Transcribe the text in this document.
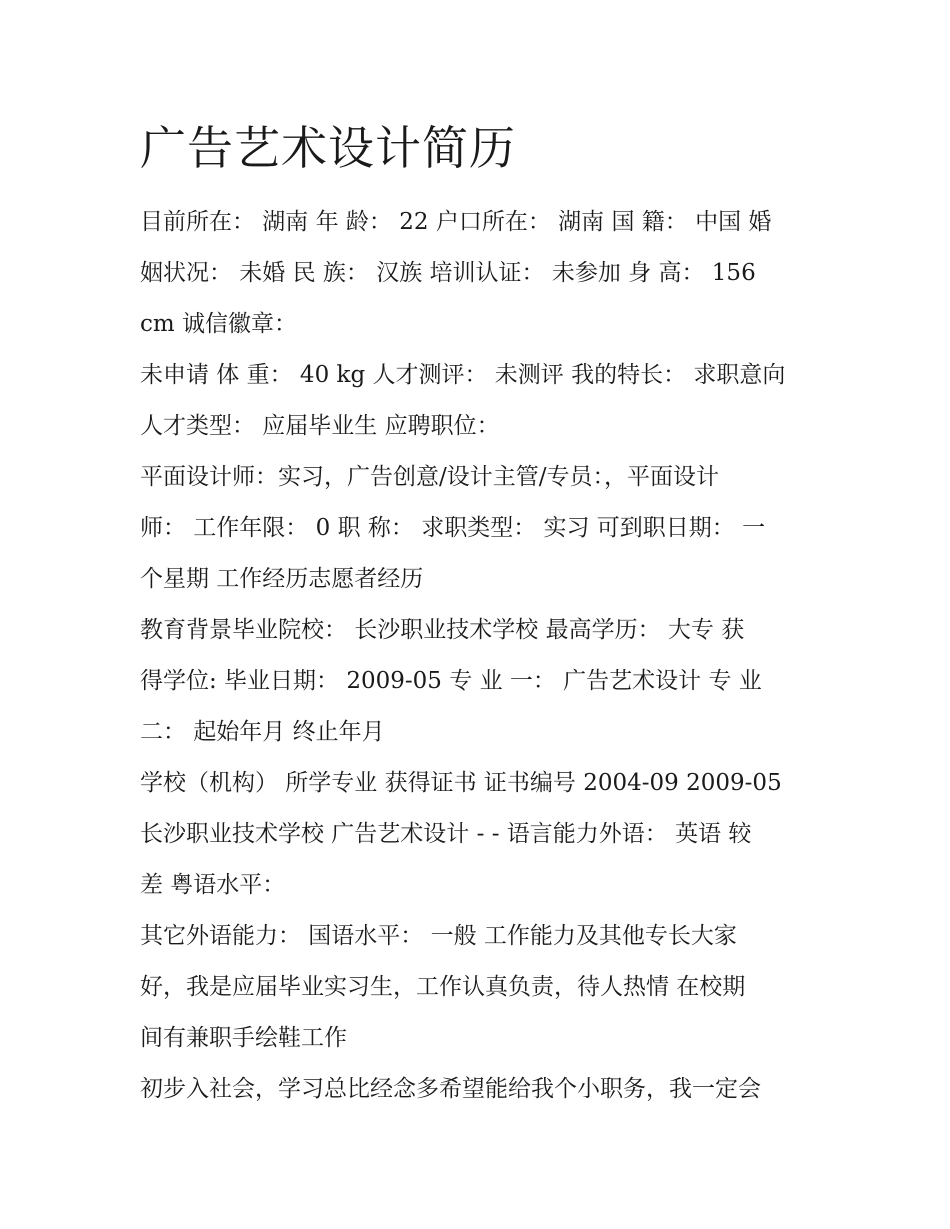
广告艺术设计简历
目前所在： 湖南 年 龄： 22 户口所在： 湖南 国 籍： 中国 婚
姻状况： 未婚 民 族： 汉族 培训认证： 未参加 身 高： 156
cm 诚信徽章：
未申请 体 重： 40 kg 人才测评： 未测评 我的特长： 求职意向
人才类型： 应届毕业生 应聘职位：
平面设计师：实习，广告创意/设计主管/专员：，平面设计
师： 工作年限： 0 职 称： 求职类型： 实习 可到职日期： 一
个星期 工作经历志愿者经历
教育背景毕业院校： 长沙职业技术学校 最高学历： 大专 获
得学位: 毕业日期： 2009-05 专 业 一： 广告艺术设计 专 业
二： 起始年月 终止年月
学校（机构） 所学专业 获得证书 证书编号 2004-09 2009-05
长沙职业技术学校 广告艺术设计 - - 语言能力外语： 英语 较
差 粤语水平：
其它外语能力： 国语水平： 一般 工作能力及其他专长大家
好，我是应届毕业实习生，工作认真负责，待人热情 在校期
间有兼职手绘鞋工作
初步入社会，学习总比经念多希望能给我个小职务，我一定会
